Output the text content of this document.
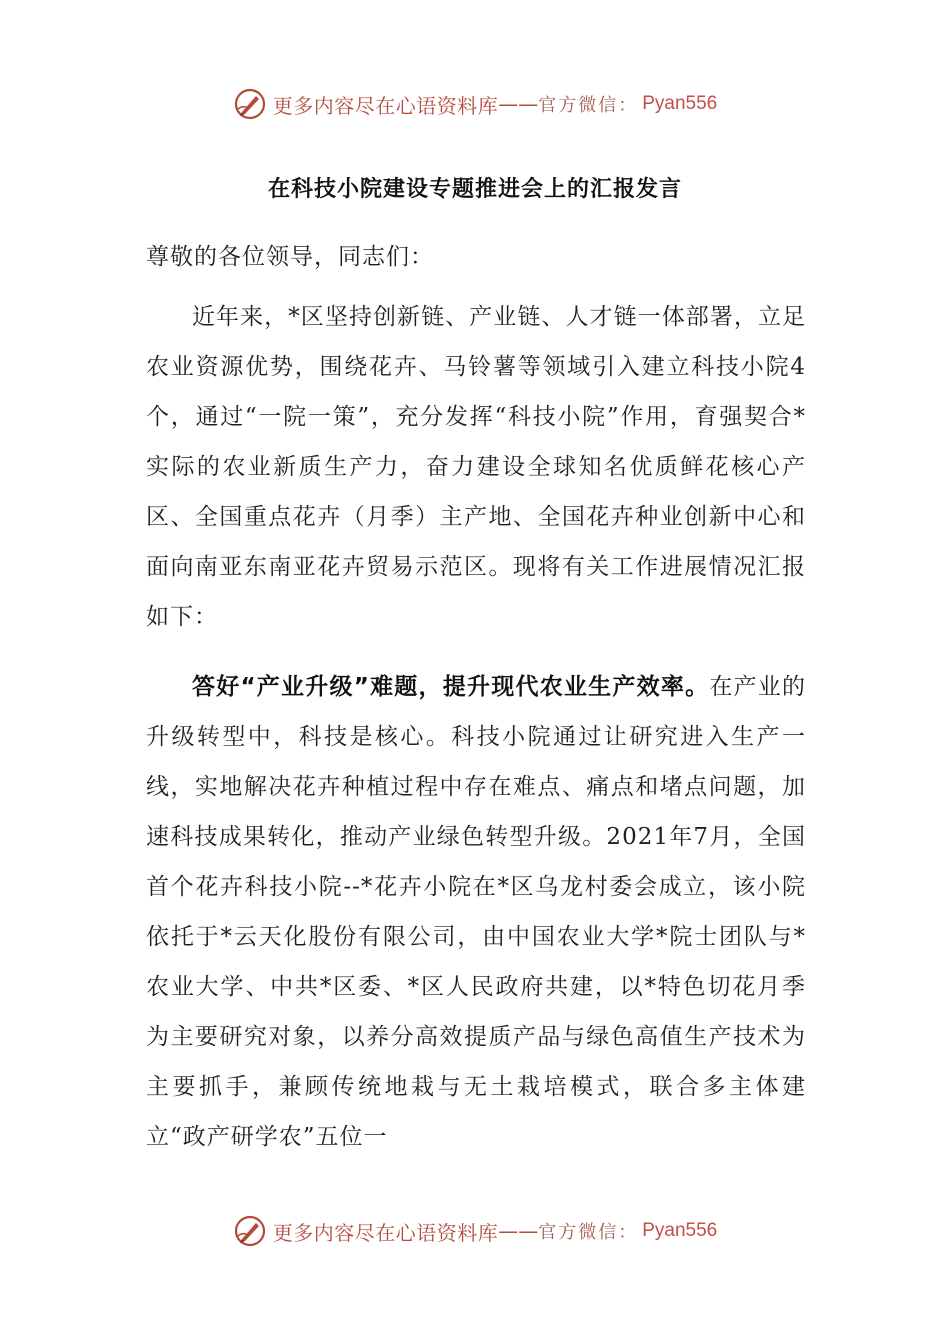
更多内容尽在心语资料库 —— 官方微信： Pyan556
在科技小院建设专题推进会上的汇报发言

尊敬的各位领导，同志们：

近年来，*区坚持创新链、产业链、人才链一体部署，立足农业资源优势，围绕花卉、马铃薯等领域引入建立科技小院4个，通过“一院一策”，充分发挥“科技小院”作用，育强契合*实际的农业新质生产力，奋力建设全球知名优质鲜花核心产区、全国重点花卉（月季）主产地、全国花卉种业创新中心和面向南亚东南亚花卉贸易示范区。现将有关工作进展情况汇报如下：

答好“产业升级”难题，提升现代农业生产效率。在产业的升级转型中，科技是核心。科技小院通过让研究进入生产一线，实地解决花卉种植过程中存在难点、痛点和堵点问题，加速科技成果转化，推动产业绿色转型升级。2021年7月，全国首个花卉科技小院--*花卉小院在*区乌龙村委会成立，该小院依托于*云天化股份有限公司，由中国农业大学*院士团队与*农业大学、中共*区委、*区人民政府共建，以*特色切花月季为主要研究对象，以养分高效提质产品与绿色高值生产技术为主要抓手，兼顾传统地栽与无土栽培模式，联合多主体建立“政产研学农”五位一

更多内容尽在心语资料库 —— 官方微信： Pyan556
